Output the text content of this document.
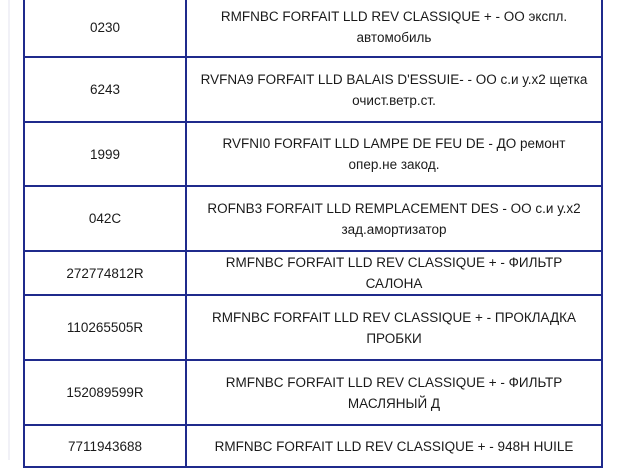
0230	RMFNBC FORFAIT LLD REV CLASSIQUE + - ОО экспл. автомобиль
6243	RVFNA9 FORFAIT LLD BALAIS D'ESSUIE- - ОО с.и у.х2 щетка очист.ветр.ст.
1999	RVFNI0 FORFAIT LLD LAMPE DE FEU DE - ДО ремонт опер.не закод.
042C	ROFNB3 FORFAIT LLD REMPLACEMENT DES - ОО с.и у.х2 зад.амортизатор
272774812R	RMFNBC FORFAIT LLD REV CLASSIQUE + - ФИЛЬТР САЛОНА
110265505R	RMFNBC FORFAIT LLD REV CLASSIQUE + - ПРОКЛАДКА ПРОБКИ
152089599R	RMFNBC FORFAIT LLD REV CLASSIQUE + - ФИЛЬТР МАСЛЯНЫЙ Д
7711943688	RMFNBC FORFAIT LLD REV CLASSIQUE + - 948H HUILE
